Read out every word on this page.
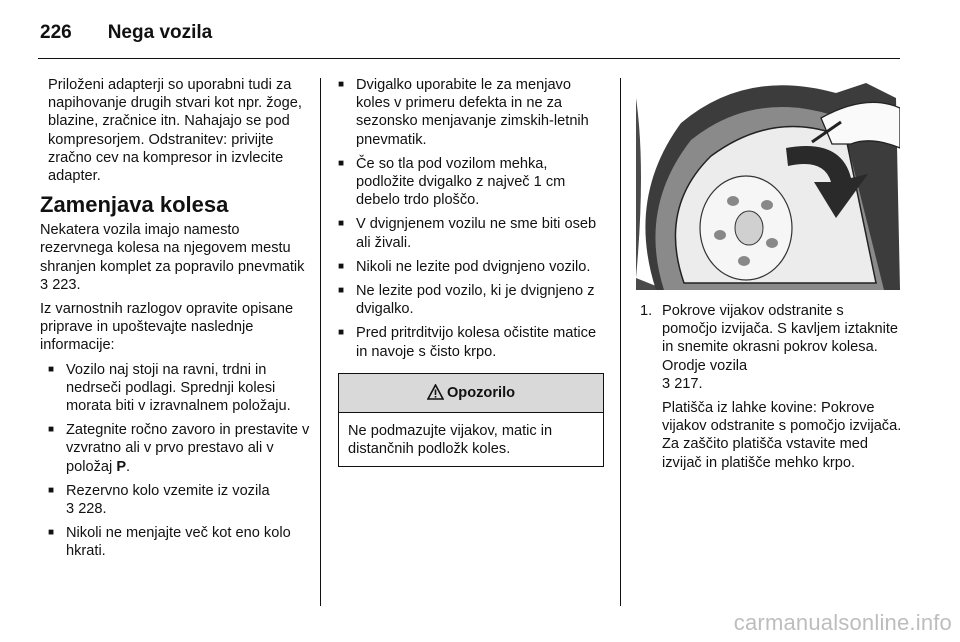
226 Nega vozila

Priloženi adapterji so uporabni tudi za napihovanje drugih stvari kot npr. žoge, blazine, zračnice itn. Nahajajo se pod kompresorjem. Odstranitev: privijte zračno cev na kompresor in izvlecite adapter.

Zamenjava kolesa

Nekatera vozila imajo namesto rezervnega kolesa na njegovem mestu shranjen komplet za popravilo pnevmatik 3 223.

Iz varnostnih razlogov opravite opisane priprave in upoštevajte naslednje informacije:

■ Vozilo naj stoji na ravni, trdni in nedrseči podlagi. Sprednji kolesi morata biti v izravnalnem položaju.
■ Zategnite ročno zavoro in prestavite v vzvratno ali v prvo prestavo ali v položaj P.
■ Rezervno kolo vzemite iz vozila
3 228.
■ Nikoli ne menjajte več kot eno kolo hkrati.
■ Dvigalko uporabite le za menjavo koles v primeru defekta in ne za sezonsko menjavanje zimskih-letnih pnevmatik.
■ Če so tla pod vozilom mehka, podložite dvigalko z največ 1 cm debelo trdo ploščo.
■ V dvignjenem vozilu ne sme biti oseb ali živali.
■ Nikoli ne lezite pod dvignjeno vozilo.
■ Ne lezite pod vozilo, ki je dvignjeno z dvigalko.
■ Pred pritrditvijo kolesa očistite matice in navoje s čisto krpo.
Opozorilo
Ne podmazujte vijakov, matic in distančnih podložk koles.
1. Pokrove vijakov odstranite s pomočjo izvijača. S kavljem iztaknite in snemite okrasni pokrov kolesa. Orodje vozila
3 217.
Platišča iz lahke kovine: Pokrove vijakov odstranite s pomočjo izvijača. Za zaščito platišča vstavite med izvijač in platišče mehko krpo.
carmanualsonline.info
